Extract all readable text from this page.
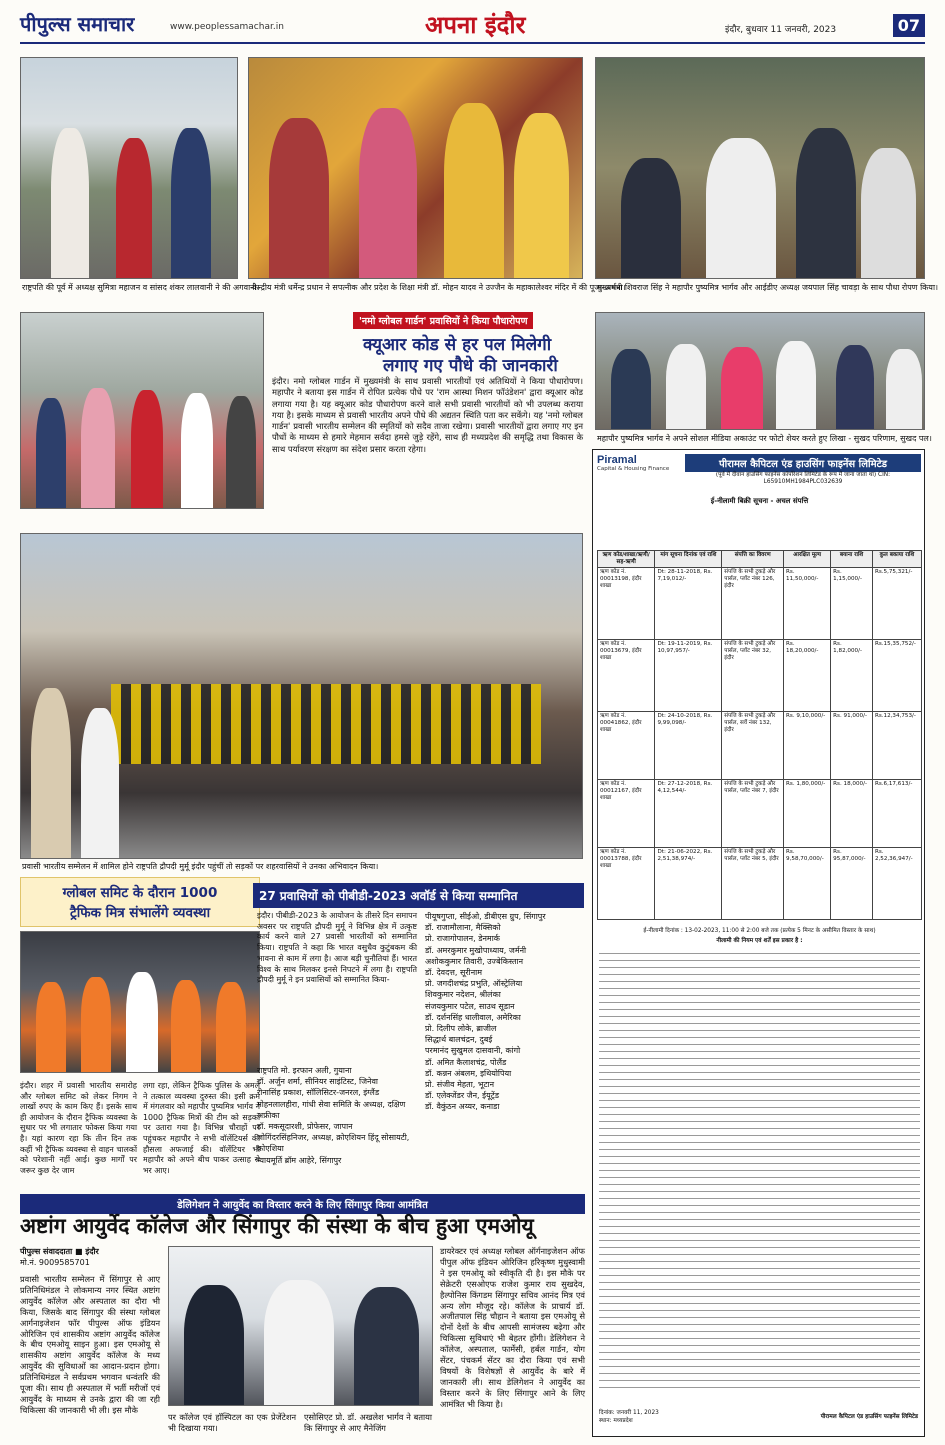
पीपुल्स समाचार	www.peoplessamachar.in	अपना इंदौर	इंदौर, बुधवार 11 जनवरी, 2023	07
राष्ट्रपति की पूर्व में अध्यक्ष सुमित्रा महाजन व सांसद शंकर लालवानी ने की अगवानी।
केन्द्रीय मंत्री धर्मेन्द्र प्रधान ने सपत्नीक और प्रदेश के शिक्षा मंत्री डॉ. मोहन यादव ने उज्जैन के महाकालेश्वर मंदिर में की पूजा-अर्चना।
मुख्यमंत्री शिवराज सिंह ने महापौर पुष्यमित्र भार्गव और आईडीए अध्यक्ष जयपाल सिंह चावड़ा के साथ पौधा रोपण किया।
'नमो ग्लोबल गार्डन' प्रवासियों ने किया पौधारोपण
क्यूआर कोड से हर पल मिलेगी
लगाए गए पौधे की जानकारी
इंदौर। नमो ग्लोबल गार्डन में मुख्यमंत्री के साथ प्रवासी भारतीयों एवं अतिथियों ने किया पौधारोपण। महापौर ने बताया इस गार्डन में रोपित प्रत्येक पौधे पर 'राम आस्था मिशन फॉउंडेशन' द्वारा क्यूआर कोड लगाया गया है। यह क्यूआर कोड पौधारोपण करने वाले सभी प्रवासी भारतीयों को भी उपलब्ध कराया गया है। इसके माध्यम से प्रवासी भारतीय अपने पौधे की अद्यतन स्थिति पता कर सकेंगे। यह 'नमो ग्लोबल गार्डन' प्रवासी भारतीय सम्मेलन की स्मृतियों को सदैव ताजा रखेगा। प्रवासी भारतीयों द्वारा लगाए गए इन पौधों के माध्यम से हमारे मेहमान सर्वदा हमसे जुड़े रहेंगे, साथ ही मध्यप्रदेश की समृद्धि तथा विकास के साथ पर्यावरण संरक्षण का संदेश प्रसार करता रहेगा।
महापौर पुष्यमित्र भार्गव ने अपने सोशल मीडिया अकाउंट पर फोटो शेयर करते हुए लिखा - सुखद परिणाम, सुखद पल।
Piramal
Capital & Housing Finance	पीरामल कैपिटल एंड हाउसिंग फाइनेंस लिमिटेड
(पूर्व में दीवान हाउसिंग फाइनेंस कॉर्पोरेशन लिमिटेड के रूप में जाना जाता था) CIN: L65910MH1984PLC032639
ई-नीलामी बिक्री सूचना - अचल संपत्ति
ऋण कोड/शाखा/ऋणी/सह-ऋणी	मांग सूचना दिनांक एवं राशि	संपत्ति का विवरण	आरक्षित मूल्य	बयाना राशि	कुल बकाया राशि
ऋण कोड नं. 00013198, इंदौर शाखा	Dt: 28-11-2018, Rs. 7,19,012/-	संपत्ति के सभी टुकड़े और पार्सल, प्लॉट नंबर 126, इंदौर	Rs. 11,50,000/-	Rs. 1,15,000/-	Rs.5,75,321/-
ऋण कोड नं. 00013679, इंदौर शाखा	Dt: 19-11-2019, Rs. 10,97,957/-	संपत्ति के सभी टुकड़े और पार्सल, प्लॉट नंबर 32, इंदौर	Rs. 18,20,000/-	Rs. 1,82,000/-	Rs.15,35,752/-
ऋण कोड नं. 00041862, इंदौर शाखा	Dt: 24-10-2018, Rs. 9,99,098/-	संपत्ति के सभी टुकड़े और पार्सल, सर्वे नंबर 132, इंदौर	Rs. 9,10,000/-	Rs. 91,000/-	Rs.12,34,753/-
ऋण कोड नं. 00012167, इंदौर शाखा	Dt: 27-12-2018, Rs. 4,12,544/-	संपत्ति के सभी टुकड़े और पार्सल, प्लॉट नंबर 7, इंदौर	Rs. 1,80,000/-	Rs. 18,000/-	Rs.6,17,613/-
ऋण कोड नं. 00013788, इंदौर शाखा	Dt: 21-06-2022, Rs. 2,51,38,974/-	संपत्ति के सभी टुकड़े और पार्सल, प्लॉट नंबर 5, इंदौर	Rs. 9,58,70,000/-	Rs. 95,87,000/-	Rs. 2,52,36,947/-
ई-नीलामी दिनांक : 13-02-2023, 11:00 से 2:00 बजे तक (प्रत्येक 5 मिनट के असीमित विस्तार के साथ)
नीलामी की नियम एवं शर्तें इस प्रकार है :
दिनांक: जनवरी 11, 2023
स्थान: मध्यप्रदेश
पीरामल कैपिटल एंड हाउसिंग फाइनेंस लिमिटेड
प्रवासी भारतीय सम्मेलन में शामिल होने राष्ट्रपति द्रौपदी मुर्मू इंदौर पहुंचीं तो सड़कों पर शहरवासियों ने उनका अभिवादन किया।
ग्लोबल समिट के दौरान 1000
ट्रैफिक मित्र संभालेंगे व्यवस्था
इंदौर। शहर में प्रवासी भारतीय समारोह और ग्लोबल समिट को लेकर निगम ने लाखों रुपए के काम किए हैं। इसके साथ ही आयोजन के दौरान ट्रैफिक व्यवस्था के सुधार पर भी लगातार फोकस किया गया है। यहां कारण रहा कि तीन दिन तक कहीं भी ट्रैफिक व्यवस्था से वाहन चालकों को परेशानी नहीं आई। कुछ मार्गों पर जरूर कुछ देर जाम
लगा रहा, लेकिन ट्रैफिक पुलिस के अमले ने तत्काल व्यवस्था दुरुस्त की। इसी क्रम में मंगलवार को महापौर पुष्यमित्र भार्गव ने 1000 ट्रैफिक मित्रों की टीम को सड़कों पर उतारा गया है। विभिन्न चौराहों पर पहुंचकर महापौर ने सभी वॉलेंटियर्स की हौसला अफजाई की। वॉलेंटियर भी महापौर को अपने बीच पाकर उत्साह से भर आए।
27 प्रवासियों को पीबीडी-2023 अवॉर्ड से किया सम्मानित
इंदौर। पीबीडी-2023 के आयोजन के तीसरे दिन समापन अवसर पर राष्ट्रपति द्रौपदी मुर्मू ने विभिन्न क्षेत्र में उत्कृष्ट कार्य करने वाले 27 प्रवासी भारतीयों को सम्मानित किया। राष्ट्रपति ने कहा कि भारत वसुधैव कुटुंबकम की भावना से काम में लगा है। आज बड़ी चुनौतियां हैं। भारत विश्व के साथ मिलकर इनसे निपटने में लगा है। राष्ट्रपति द्रौपदी मुर्मू ने इन प्रवासियों को सम्मानित किया-
राष्ट्रपति मो. इरफान अली, गुयाना
डॉ. अर्जुन शर्मा, सीनियर साइंटिस्ट, जिनेवा
रीनासिंह प्रकाश, सॉलिसिटर-जनरल, इंग्लैंड
मोहनलालहीरा, गांधी सेवा समिति के अध्यक्ष, दक्षिण अफ्रीका
डॉ. मकसूदारशी, प्रोफेसर, जापान
जोगिंदरसिंहनिजर, अध्यक्ष, क्रोएशियन हिंदू सोसायटी, क्रोएशिया
न्यायमूर्ति ब्रॉम आहेरे, सिंगापुर
पीयूषगुप्ता, सीईओ, डीबीएस ग्रुप, सिंगापुर
डॉ. राजामौलाना, मैक्सिको
प्रो. राजागोपालन, डेनमार्क
डॉ. अमरकुमार मुखोपाध्याय, जर्मनी
अशोककुमार तिवारी, उज्बेकिस्तान
डॉ. देवदत्त, सूरीनाम
प्रो. जगदीशचंद्र प्रभुति, ऑस्ट्रेलिया
शिवकुमार नदेशन, श्रीलंका
संजयकुमार पटेल, साउथ सूडान
डॉ. दर्शनसिंह धालीवाल, अमेरिका
प्रो. दिलीप लोके, ब्राजील
सिद्धार्थ बालचंद्रन, दुबई
परमानंद सुखुमल दासवानी, कांगो
डॉ. अमित कैलाशचंद्र, पोलैंड
डॉ. कन्नन अंबलम, इथियोपिया
प्रो. संजीव मेहता, भूटान
डॉ. एलेक्जेंडर जैन, ईयूट्रेंड
डॉ. वैकुंठन अय्यर, कनाडा
डेलिगेशन ने आयुर्वेद का विस्तार करने के लिए सिंगापुर किया आमंत्रित
अष्टांग आयुर्वेद कॉलेज और सिंगापुर की संस्था के बीच हुआ एमओयू
पीपुल्स संवाददाता ■ इंदौर
मो.नं. 9009585701
प्रवासी भारतीय सम्मेलन में सिंगापुर से आए प्रतिनिधिमंडल ने लोकमान्य नगर स्थित अष्टांग आयुर्वेद कॉलेज और अस्पताल का दौरा भी किया, जिसके बाद सिंगापुर की संस्था ग्लोबल आर्गनाइजेशन फॉर पीपुल्स ऑफ इंडियन ओरिजिन एवं शासकीय अष्टांग आयुर्वेद कॉलेज के बीच एमओयू साइन हुआ। इस एमओयू से शासकीय अष्टांग आयुर्वेद कॉलेज के मध्य आयुर्वेद की सुविधाओं का आदान-प्रदान होगा। प्रतिनिधिमंडल ने सर्वप्रथम भगवान धन्वंतरि की पूजा की। साथ ही अस्पताल में भर्ती मरीजों एवं आयुर्वेद के माध्यम से उनके द्वारा की जा रही चिकित्सा की जानकारी भी ली। इस मौके
पर कॉलेज एवं हॉस्पिटल का एक प्रेजेंटेशन भी दिखाया गया।
एसोसिएट प्रो. डॉ. अखलेश भार्गव ने बताया कि सिंगापुर से आए मैनेजिंग
डायरेक्टर एवं अध्यक्ष ग्लोबल ऑर्गनाइजेशन ऑफ पीपुल ऑफ इंडियन ओरिजिन हरिकृष्ण मुधुस्वामी ने इस एमओयू को स्वीकृति दी है। इस मौके पर सेक्रेटरी एसओएफ राजेश कुमार राय सुखदेव, हैल्पोनिस किंगडम सिंगापुर सचिव आनंद मित्र एवं अन्य लोग मौजूद रहे। कॉलेज के प्राचार्य डॉ. अजीतपाल सिंह चौहान ने बताया इस एमओयू से दोनों देशों के बीच आपसी सामंजस्य बढ़ेगा और चिकित्सा सुविधाएं भी बेहतर होंगी। डेलिगेशन ने कॉलेज, अस्पताल, फार्मेसी, हर्बल गार्डन, योग सेंटर, पंचकर्म सेंटर का दौरा किया एवं सभी विषयों के विशेषज्ञों से आयुर्वेद के बारे में जानकारी ली। साथ डेलिगेशन ने आयुर्वेद का विस्तार करने के लिए सिंगापुर आने के लिए आमंत्रित भी किया है।
